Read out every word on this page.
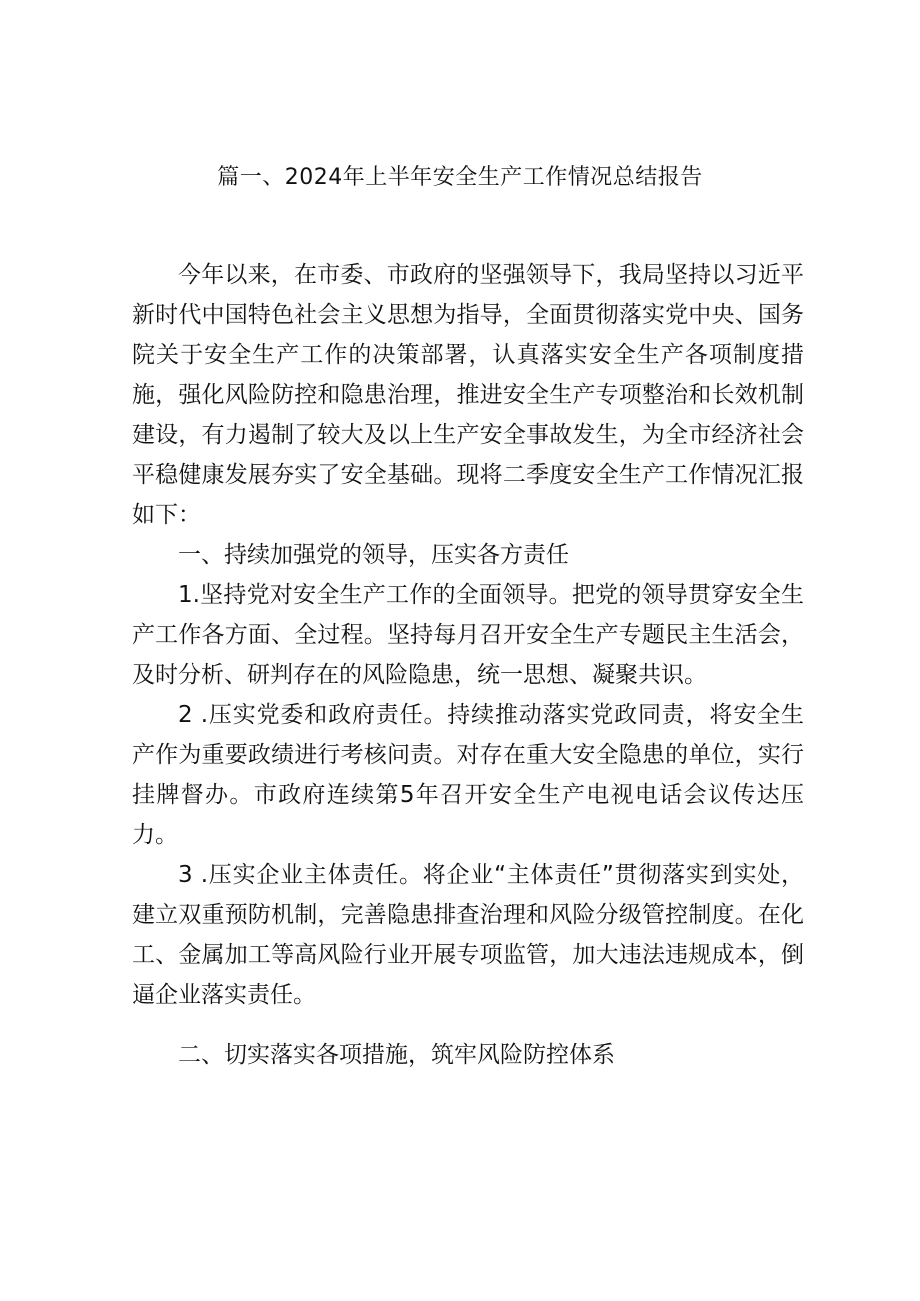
篇一、2024年上半年安全生产工作情况总结报告

今年以来，在市委、市政府的坚强领导下，我局坚持以习近平新时代中国特色社会主义思想为指导，全面贯彻落实党中央、国务院关于安全生产工作的决策部署，认真落实安全生产各项制度措施，强化风险防控和隐患治理，推进安全生产专项整治和长效机制建设，有力遏制了较大及以上生产安全事故发生，为全市经济社会平稳健康发展夯实了安全基础。现将二季度安全生产工作情况汇报如下：

一、持续加强党的领导，压实各方责任

1.坚持党对安全生产工作的全面领导。把党的领导贯穿安全生产工作各方面、全过程。坚持每月召开安全生产专题民主生活会，及时分析、研判存在的风险隐患，统一思想、凝聚共识。

2 .压实党委和政府责任。持续推动落实党政同责，将安全生产作为重要政绩进行考核问责。对存在重大安全隐患的单位，实行挂牌督办。市政府连续第5年召开安全生产电视电话会议传达压力。

3 .压实企业主体责任。将企业“主体责任”贯彻落实到实处，建立双重预防机制，完善隐患排查治理和风险分级管控制度。在化工、金属加工等高风险行业开展专项监管，加大违法违规成本，倒逼企业落实责任。

二、切实落实各项措施，筑牢风险防控体系
